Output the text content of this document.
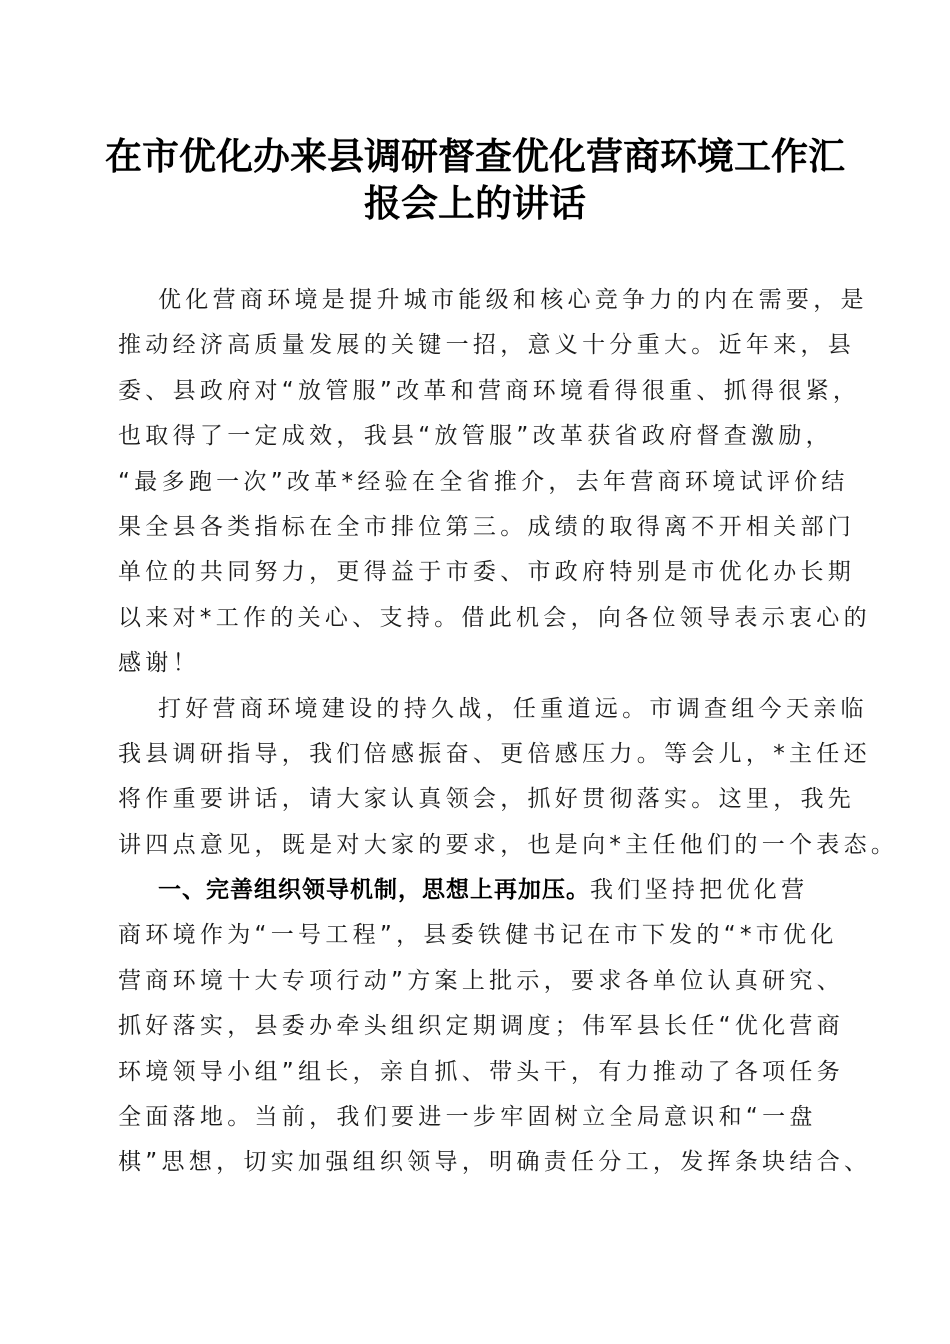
在市优化办来县调研督查优化营商环境工作汇
报会上的讲话
优化营商环境是提升城市能级和核心竞争力的内在需要，是
推动经济高质量发展的关键一招，意义十分重大。近年来，县
委、县政府对“放管服”改革和营商环境看得很重、抓得很紧，
也取得了一定成效，我县“放管服”改革获省政府督查激励，
“最多跑一次”改革*经验在全省推介，去年营商环境试评价结
果全县各类指标在全市排位第三。成绩的取得离不开相关部门
单位的共同努力，更得益于市委、市政府特别是市优化办长期
以来对*工作的关心、支持。借此机会，向各位领导表示衷心的
感谢！
打好营商环境建设的持久战，任重道远。市调查组今天亲临
我县调研指导，我们倍感振奋、更倍感压力。等会儿，*主任还
将作重要讲话，请大家认真领会，抓好贯彻落实。这里，我先
讲四点意见，既是对大家的要求，也是向*主任他们的一个表态。
一、完善组织领导机制，思想上再加压。我们坚持把优化营
商环境作为“一号工程”，县委铁健书记在市下发的“*市优化
营商环境十大专项行动”方案上批示，要求各单位认真研究、
抓好落实，县委办牵头组织定期调度；伟军县长任“优化营商
环境领导小组”组长，亲自抓、带头干，有力推动了各项任务
全面落地。当前，我们要进一步牢固树立全局意识和“一盘
棋”思想，切实加强组织领导，明确责任分工，发挥条块结合、
